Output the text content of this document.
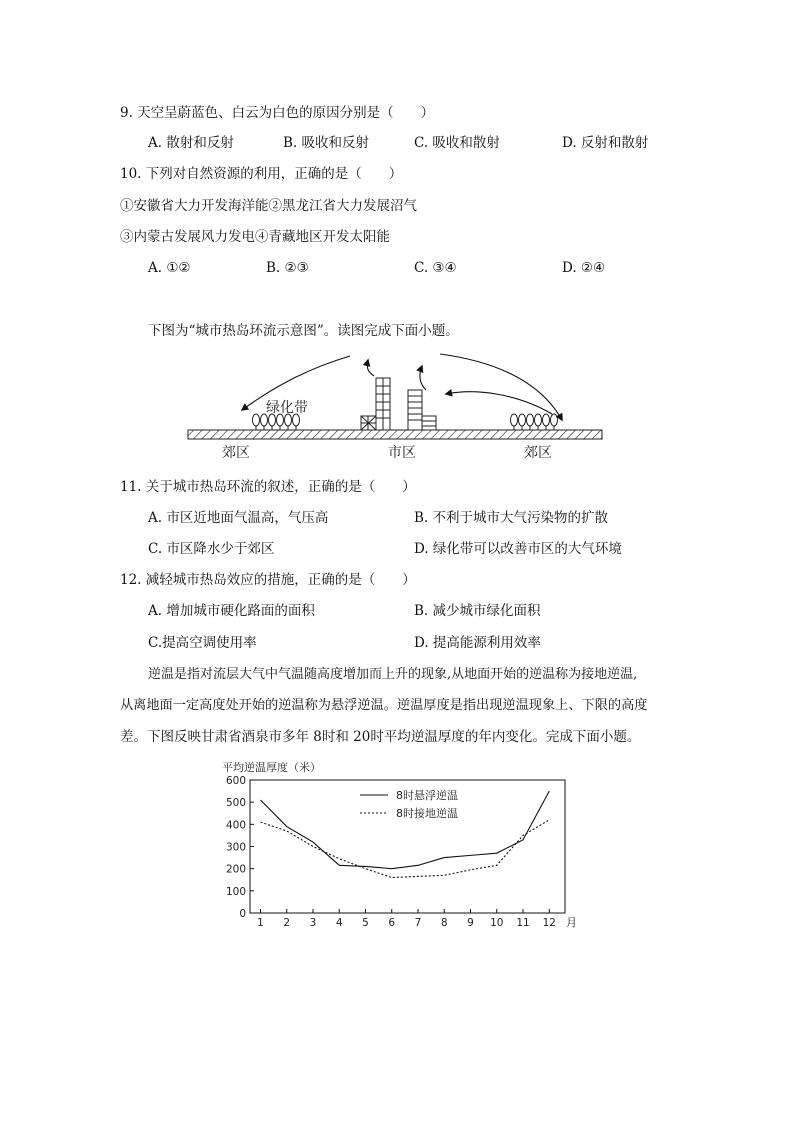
9. 天空呈蔚蓝色、白云为白色的原因分别是（　　）
A. 散射和反射	B. 吸收和反射	C. 吸收和散射	D. 反射和散射
10. 下列对自然资源的利用，正确的是（　　）
①安徽省大力开发海洋能②黑龙江省大力发展沼气
③内蒙古发展风力发电④青藏地区开发太阳能
A. ①②	B. ②③	C. ③④	D. ②④
下图为“城市热岛环流示意图”。读图完成下面小题。
绿化带
郊区	市区	郊区
11. 关于城市热岛环流的叙述，正确的是（　　）
A. 市区近地面气温高，气压高	B. 不利于城市大气污染物的扩散
C. 市区降水少于郊区	D. 绿化带可以改善市区的大气环境
12. 减轻城市热岛效应的措施，正确的是（　　）
A. 增加城市硬化路面的面积	B. 减少城市绿化面积
C.提高空调使用率	D. 提高能源利用效率
逆温是指对流层大气中气温随高度增加而上升的现象,从地面开始的逆温称为接地逆温,
从离地面一定高度处开始的逆温称为悬浮逆温。逆温厚度是指出现逆温现象上、下限的高度
差。下图反映甘肃省酒泉市多年 8时和 20时平均逆温厚度的年内变化。完成下面小题。
平均逆温厚度（米）
0
100
200
300
400
500
600
1 2 3 4 5 6 7 8 9 10 11 12
8时悬浮逆温
8时接地逆温
月
